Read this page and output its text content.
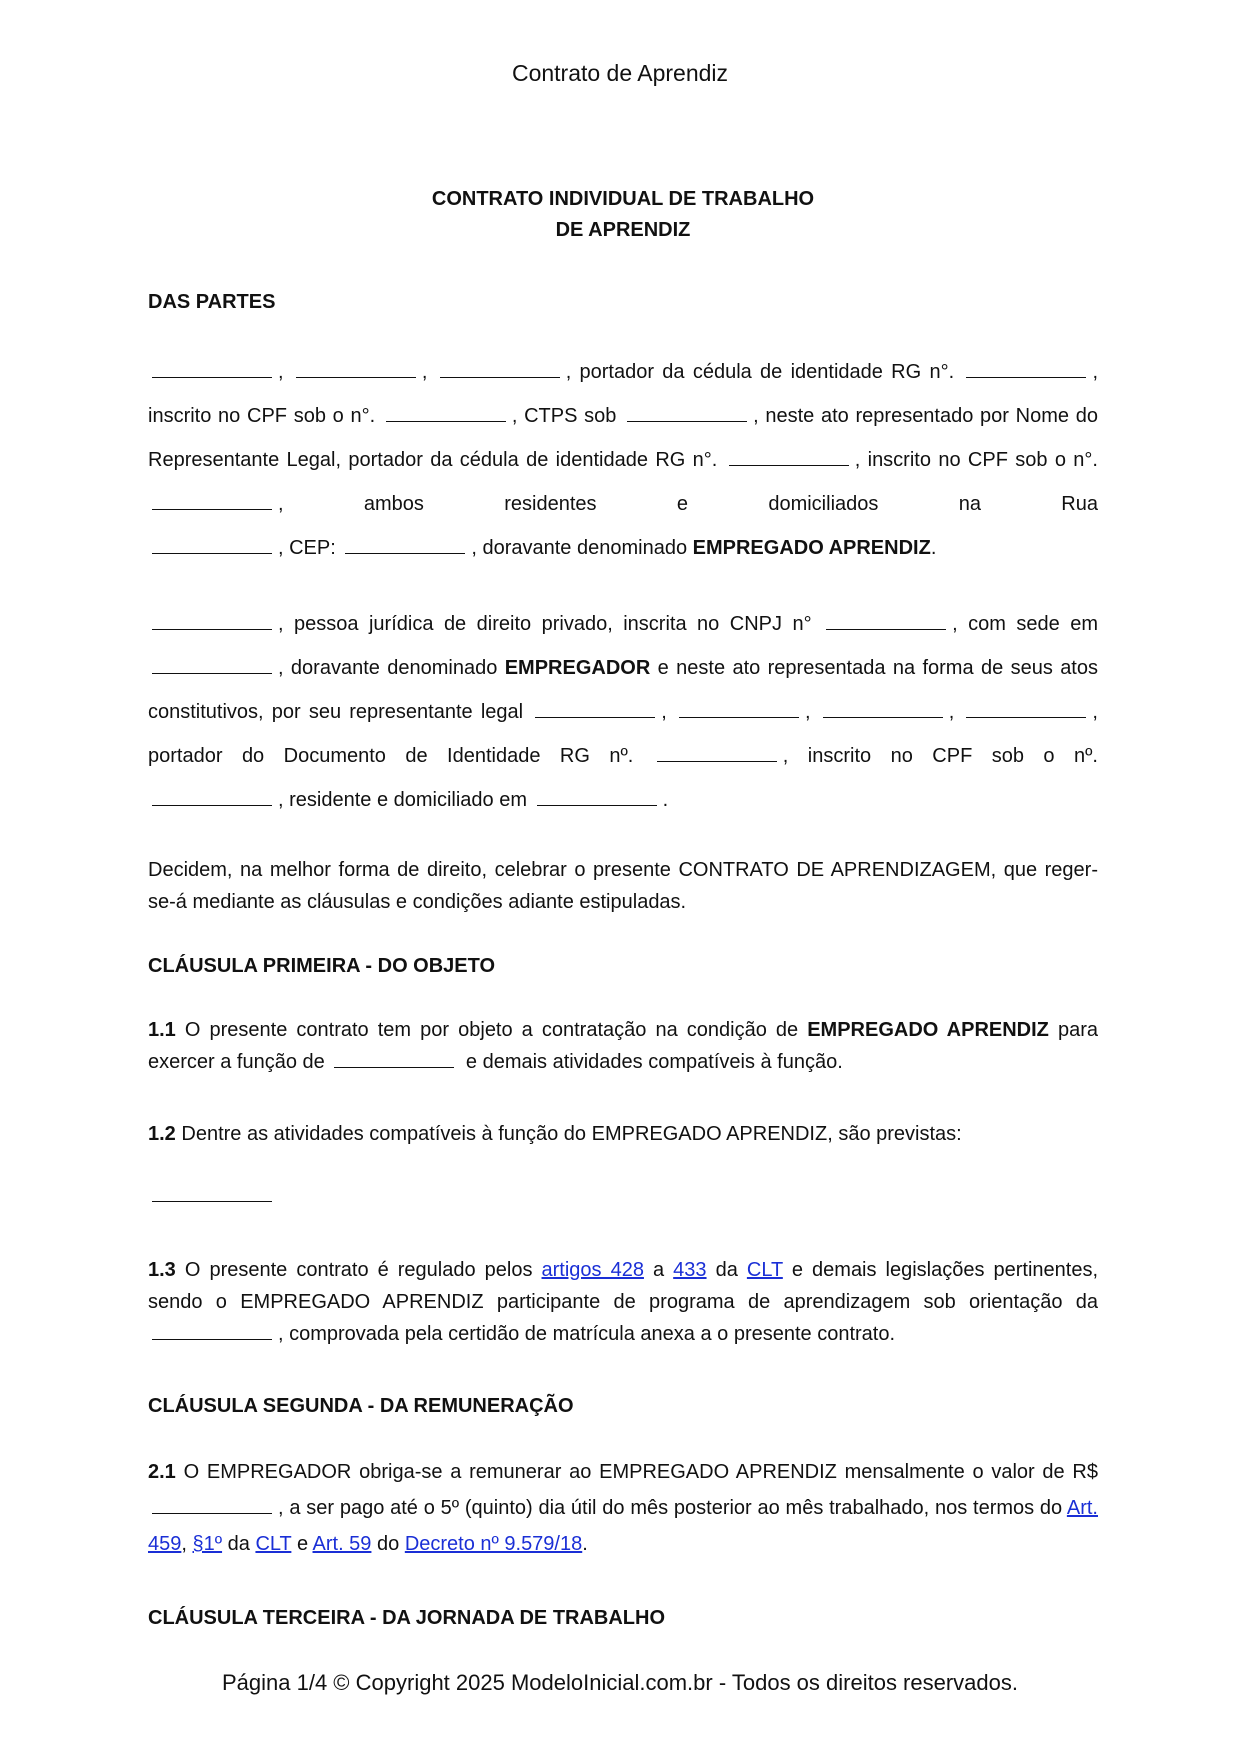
Contrato de Aprendiz
CONTRATO INDIVIDUAL DE TRABALHO
DE APRENDIZ
DAS PARTES

,	,	, portador da cédula de identidade RG n°.	, inscrito no CPF sob o n°.	, CTPS sob	, neste ato representado por Nome do Representante Legal, portador da cédula de identidade RG n°.	, inscrito no CPF sob o n°. , ambos residentes e domiciliados na Rua

, CEP:	, doravante denominado EMPREGADO APRENDIZ.

, pessoa jurídica de direito privado, inscrita no CNPJ n°	, com sede em , doravante denominado EMPREGADOR e neste ato representada na forma de seus atos constitutivos, por seu representante legal	,	,	,	, portador do Documento de Identidade RG nº.	, inscrito no CPF sob o nº.

, residente e domiciliado em	.

Decidem, na melhor forma de direito, celebrar o presente CONTRATO DE APRENDIZAGEM, que reger-se-á mediante as cláusulas e condições adiante estipuladas.

CLÁUSULA PRIMEIRA - DO OBJETO

1.1 O presente contrato tem por objeto a contratação na condição de EMPREGADO APRENDIZ para exercer a função de	e demais atividades compatíveis à função.

1.2 Dentre as atividades compatíveis à função do EMPREGADO APRENDIZ, são previstas:

1.3 O presente contrato é regulado pelos artigos 428 a 433 da CLT e demais legislações pertinentes, sendo o EMPREGADO APRENDIZ participante de programa de aprendizagem sob orientação da , comprovada pela certidão de matrícula anexa a o presente contrato.

CLÁUSULA SEGUNDA - DA REMUNERAÇÃO

2.1 O EMPREGADOR obriga-se a remunerar ao EMPREGADO APRENDIZ mensalmente o valor de R$ , a ser pago até o 5º (quinto) dia útil do mês posterior ao mês trabalhado, nos termos do Art. 459, §1º da CLT e Art. 59 do Decreto nº 9.579/18.

CLÁUSULA TERCEIRA - DA JORNADA DE TRABALHO
Página 1/4 © Copyright 2025 ModeloInicial.com.br - Todos os direitos reservados.
